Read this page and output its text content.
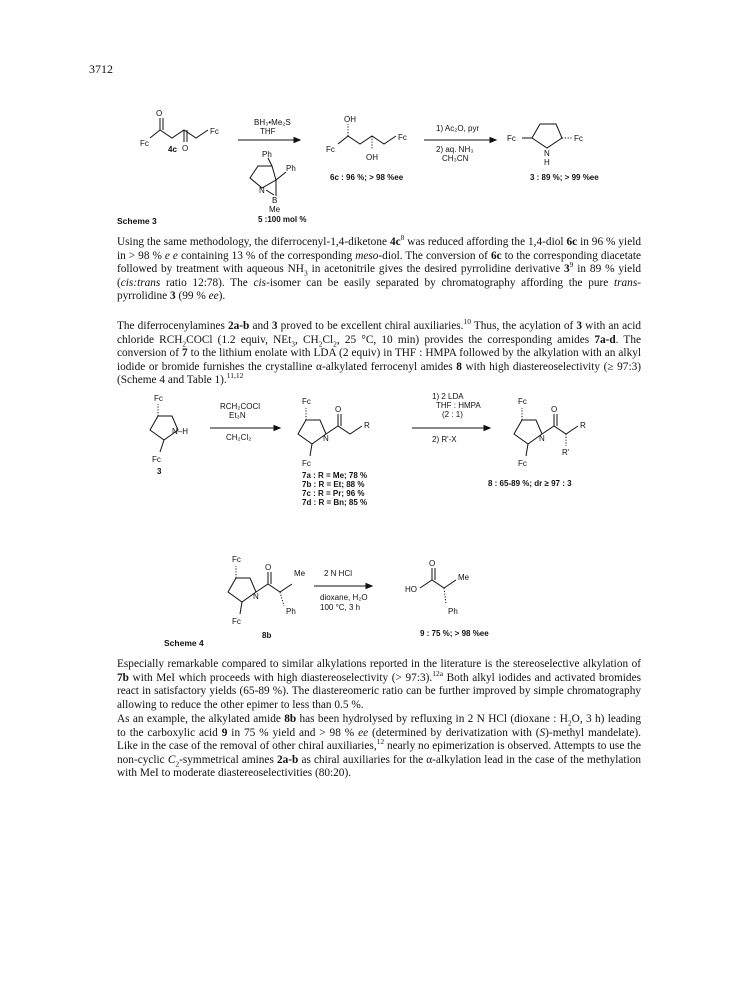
3712
O
O
Fc
Fc
4c
BH₃•Me₂S
THF
Ph
Ph
N
B
Me
5 :100 mol %
OH
OH
Fc
Fc
6c : 96 %; > 98 %ee
1) Ac₂O, pyr
2) aq. NH₃
CH₃CN
Fc	Fc
N
H
3 : 89 %; > 99 %ee
Scheme 3

Using the same methodology, the diferrocenyl-1,4-diketone $4c^8$ was reduced affording the 1,4-diol 6c in 96 % yield in > 98 % e e containing 13 % of the corresponding meso-diol. The conversion of 6c to the corresponding diacetate followed by treatment with aqueous $NH_3$ in acetonitrile gives the desired pyrrolidine derivative $3^9$ in 89 % yield (cis:trans ratio 12:78). The cis-isomer can be easily separated by chromatography affording the pure trans-pyrrolidine 3 (99 % ee).

The diferrocenylamines 2a-b and 3 proved to be excellent chiral auxiliaries.$^{10}$ Thus, the acylation of 3 with an acid chloride $RCH_2COCl$ (1.2 equiv, NEt$_3$, $CH_2Cl_2$, 25 °C, 10 min) provides the corresponding amides 7a-d. The conversion of 7 to the lithium enolate with LDA (2 equiv) in THF : HMPA followed by the alkylation with an alkyl iodide or bromide furnishes the crystalline α-alkylated ferrocenyl amides 8 with high diastereoselectivity (≥ 97:3) (Scheme 4 and Table 1).$^{11,12}$

Fc
N–H
Fc
3
RCH₂COCl
Et₃N
CH₂Cl₂
Fc
N
O
R
Fc
7a : R = Me; 78 %
7b : R = Et; 88 %
7c : R = Pr; 96 %
7d : R = Bn; 85 %
1) 2 LDA
THF : HMPA
(2 : 1)
2) R'-X
Fc
N
O
R
R'
Fc
8 : 65-89 %; dr ≥ 97 : 3
Fc
N
O
Me
Ph
Fc
8b
2 N HCl
dioxane, H₂O
100 °C, 3 h
HO
O
Me
Ph
9 : 75 %; > 98 %ee
Scheme 4

Especially remarkable compared to similar alkylations reported in the literature is the stereoselective alkylation of 7b with MeI which proceeds with high diastereoselectivity (> 97:3).$^{12a}$ Both alkyl iodides and activated bromides react in satisfactory yields (65-89 %). The diastereomeric ratio can be further improved by simple chromatography allowing to reduce the other epimer to less than 0.5 %.

As an example, the alkylated amide 8b has been hydrolysed by refluxing in 2 N HCl (dioxane : $H_2O$, 3 h) leading to the carboxylic acid 9 in 75 % yield and > 98 % ee (determined by derivatization with (S)-methyl mandelate). Like in the case of the removal of other chiral auxiliaries,$^{12}$ nearly no epimerization is observed. Attempts to use the non-cyclic $C_2$-symmetrical amines 2a-b as chiral auxiliaries for the α-alkylation lead in the case of the methylation with MeI to moderate diastereoselectivities (80:20).
